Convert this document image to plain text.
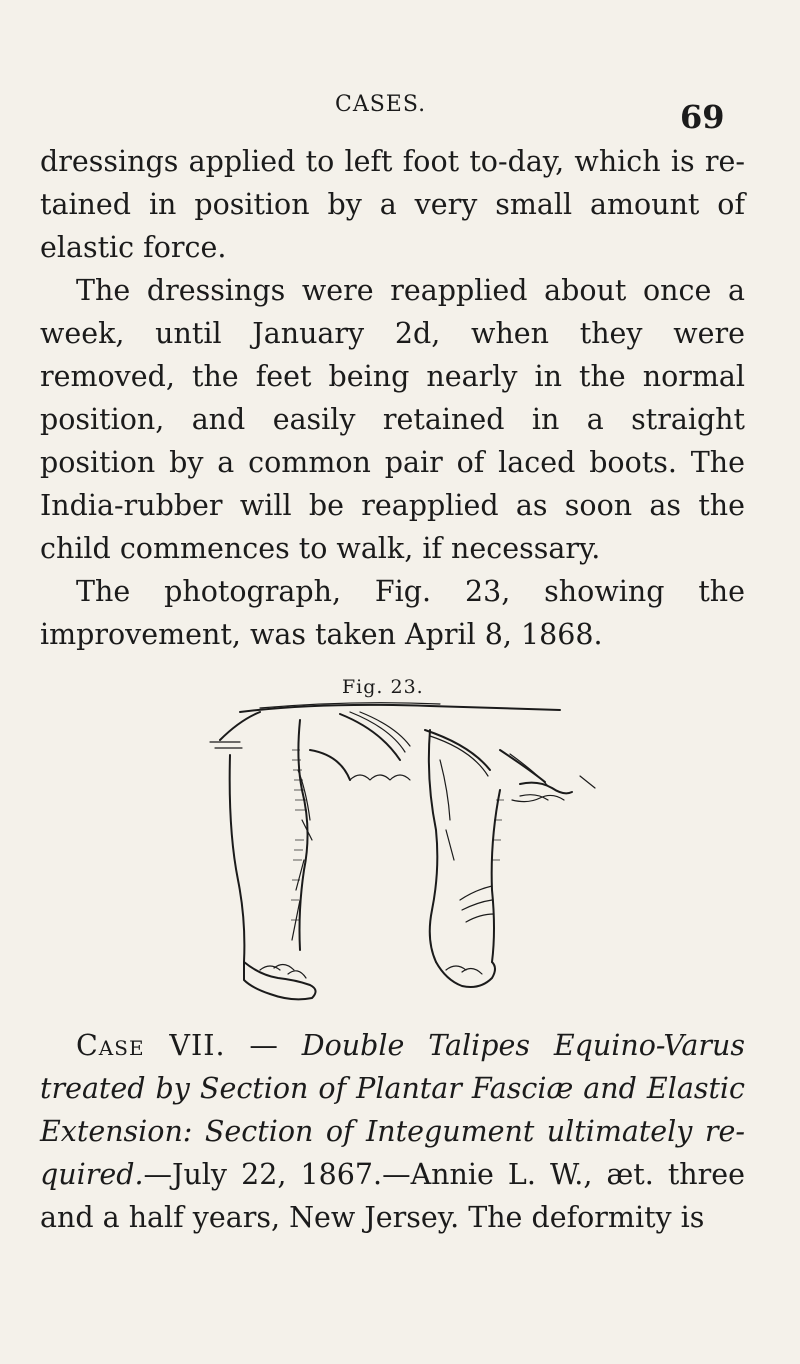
CASES.	69
dressings applied to left foot to-day, which is retained in position by a very small amount of elastic force.
The dressings were reapplied about once a week, until January 2d, when they were removed, the feet being nearly in the normal position, and easily retained in a straight position by a common pair of laced boots. The India-rubber will be reapplied as soon as the child commences to walk, if necessary.
The photograph, Fig. 23, showing the improvement, was taken April 8, 1868.
Fig. 23.
Case VII. — Double Talipes Equino-Varus treated by Section of Plantar Fasciæ and Elastic Extension: Section of Integument ultimately required.—July 22, 1867.—Annie L. W., æt. three and a half years, New Jersey. The deformity is
